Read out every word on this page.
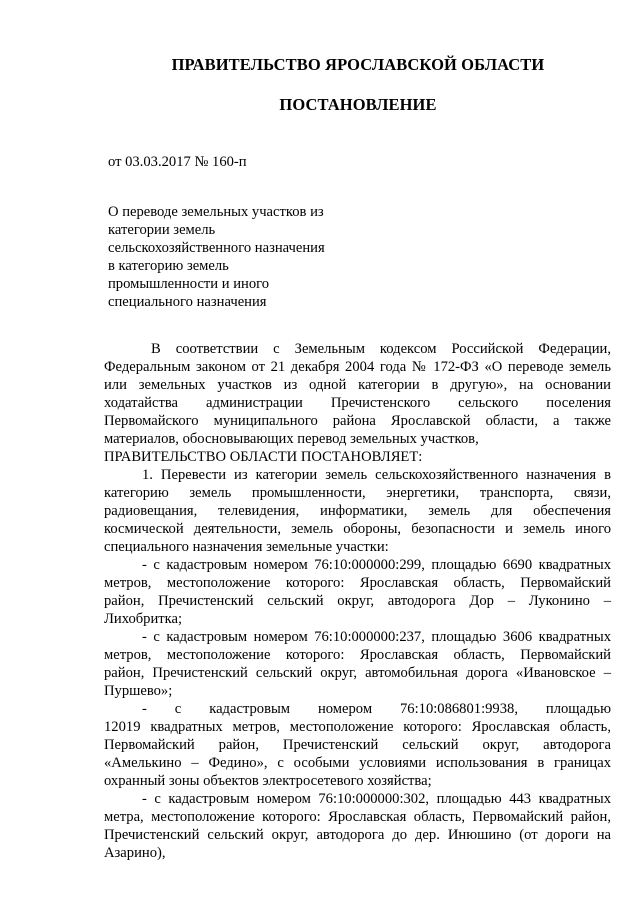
ПРАВИТЕЛЬСТВО ЯРОСЛАВСКОЙ ОБЛАСТИ
ПОСТАНОВЛЕНИЕ
от 03.03.2017 № 160-п
О переводе земельных участков из
категории земель
сельскохозяйственного назначения
в категорию земель
промышленности и иного
специального назначения
В соответствии с Земельным кодексом Российской Федерации,
Федеральным законом от 21 декабря 2004 года № 172-ФЗ «О переводе земель
или земельных участков из одной категории в другую», на основании
ходатайства администрации Пречистенского сельского поселения
Первомайского муниципального района Ярославской области, а также
материалов, обосновывающих перевод земельных участков,
ПРАВИТЕЛЬСТВО ОБЛАСТИ ПОСТАНОВЛЯЕТ:
1. Перевести из категории земель сельскохозяйственного назначения в
категорию земель промышленности, энергетики, транспорта, связи,
радиовещания, телевидения, информатики, земель для обеспечения
космической деятельности, земель обороны, безопасности и земель иного
специального назначения земельные участки:
- с кадастровым номером 76:10:000000:299, площадью 6690 квадратных
метров, местоположение которого: Ярославская область, Первомайский
район, Пречистенский сельский округ, автодорога Дор – Луконино –
Лихобритка;
- с кадастровым номером 76:10:000000:237, площадью 3606 квадратных
метров, местоположение которого: Ярославская область, Первомайский
район, Пречистенский сельский округ, автомобильная дорога «Ивановское –
Пуршево»;
- с кадастровым номером 76:10:086801:9938, площадью
12019 квадратных метров, местоположение которого: Ярославская область,
Первомайский район, Пречистенский сельский округ, автодорога
«Амелькино – Федино», с особыми условиями использования в границах
охранный зоны объектов электросетевого хозяйства;
- с кадастровым номером 76:10:000000:302, площадью 443 квадратных
метра, местоположение которого: Ярославская область, Первомайский район,
Пречистенский сельский округ, автодорога до дер. Инюшино (от дороги на
Азарино),
